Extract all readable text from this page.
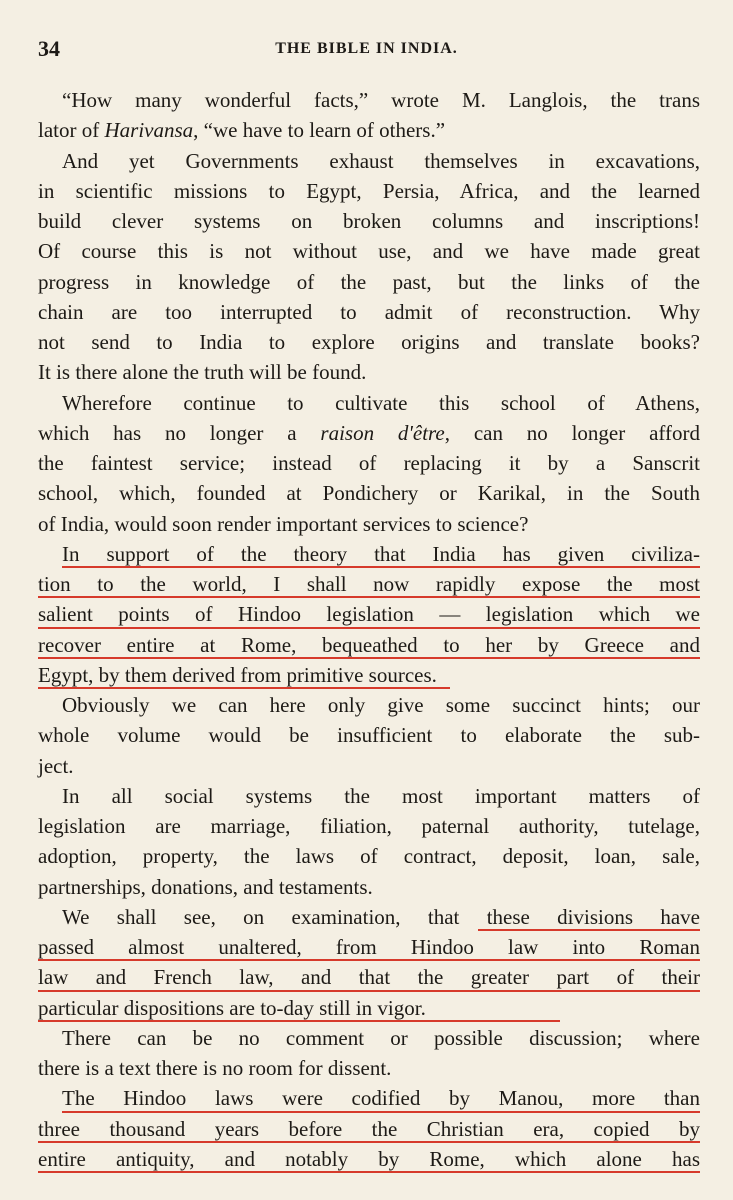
34	THE BIBLE IN INDIA.
“How many wonderful facts,” wrote M. Langlois, the trans
lator of Harivansa, “we have to learn of others.”
And yet Governments exhaust themselves in excavations,
in scientific missions to Egypt, Persia, Africa, and the learned
build clever systems on broken columns and inscriptions!
Of course this is not without use, and we have made great
progress in knowledge of the past, but the links of the
chain are too interrupted to admit of reconstruction. Why
not send to India to explore origins and translate books?
It is there alone the truth will be found.
Wherefore continue to cultivate this school of Athens,
which has no longer a raison d'être, can no longer afford
the faintest service; instead of replacing it by a Sanscrit
school, which, founded at Pondichery or Karikal, in the South
of India, would soon render important services to science?
In support of the theory that India has given civiliza-
tion to the world, I shall now rapidly expose the most
salient points of Hindoo legislation — legislation which we
recover entire at Rome, bequeathed to her by Greece and
Egypt, by them derived from primitive sources.
Obviously we can here only give some succinct hints; our
whole volume would be insufficient to elaborate the sub-
ject.
In all social systems the most important matters of
legislation are marriage, filiation, paternal authority, tutelage,
adoption, property, the laws of contract, deposit, loan, sale,
partnerships, donations, and testaments.
We shall see, on examination, that these divisions have
passed almost unaltered, from Hindoo law into Roman
law and French law, and that the greater part of their
particular dispositions are to-day still in vigor.
There can be no comment or possible discussion; where
there is a text there is no room for dissent.
The Hindoo laws were codified by Manou, more than
three thousand years before the Christian era, copied by
entire antiquity, and notably by Rome, which alone has
